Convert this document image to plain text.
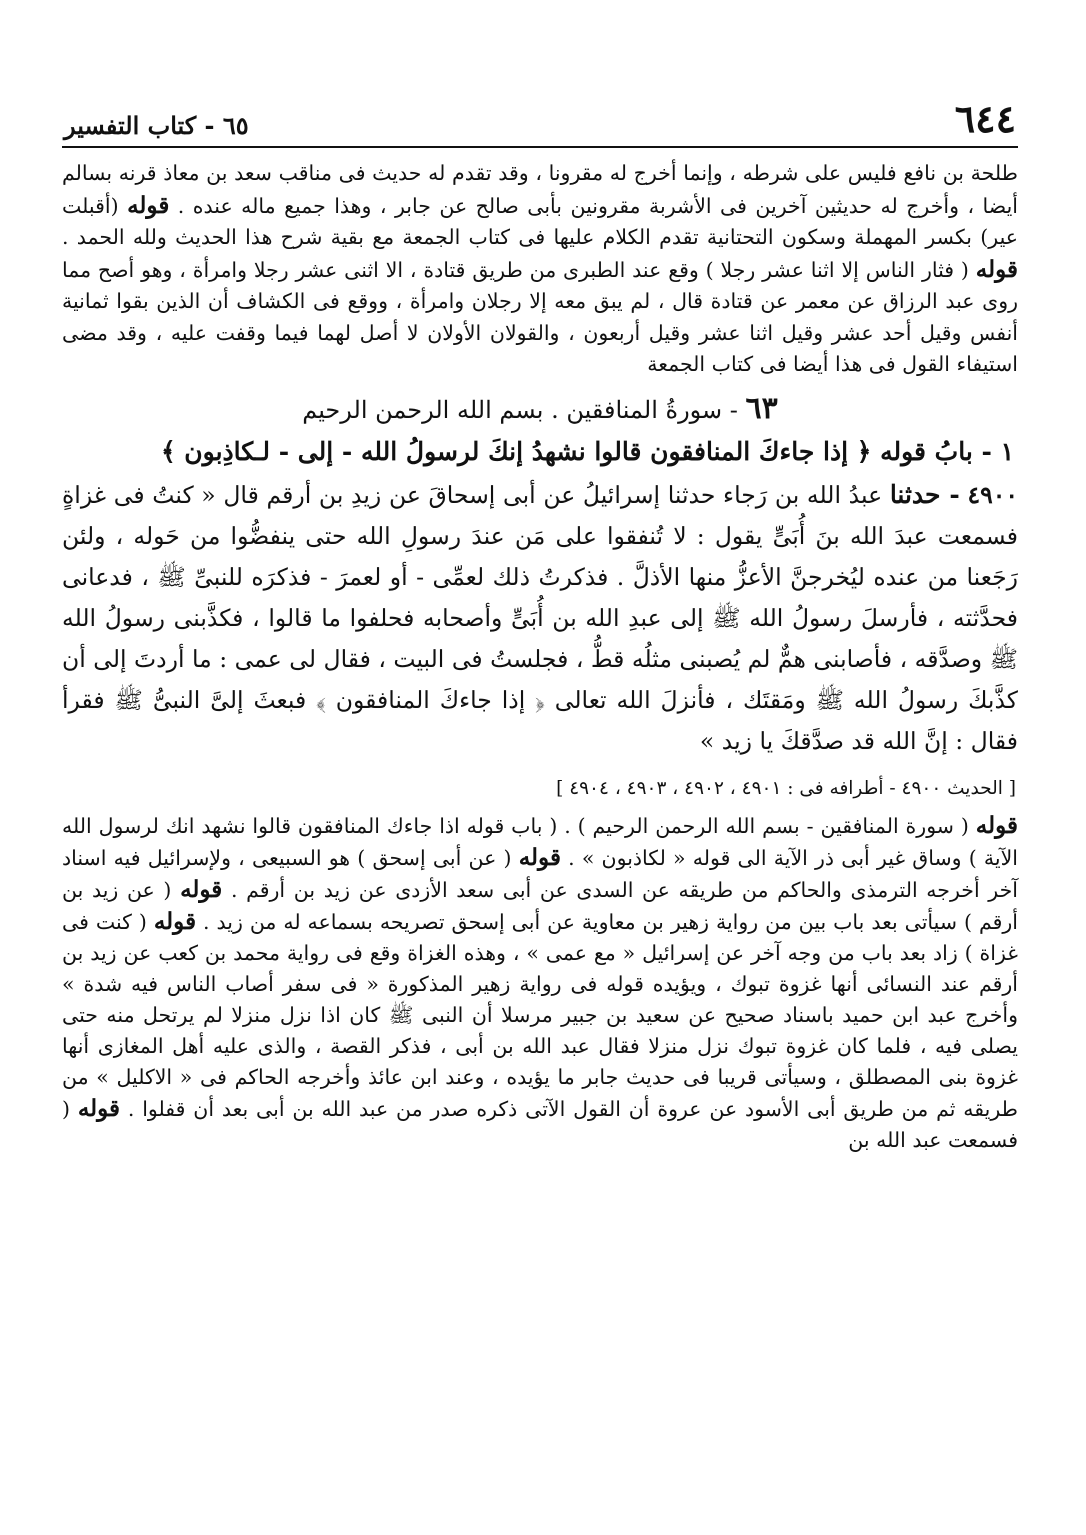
٦٤٤
٦٥ - كتاب التفسير

طلحة بن نافع فليس على شرطه ، وإنما أخرج له مقرونا ، وقد تقدم له حديث فى مناقب سعد بن معاذ قرنه بسالم أيضا ، وأخرج له حديثين آخرين فى الأشربة مقرونين بأبى صالح عن جابر ، وهذا جميع ماله عنده . قوله (أقبلت عير) بكسر المهملة وسكون التحتانية تقدم الكلام عليها فى كتاب الجمعة مع بقية شرح هذا الحديث ولله الحمد . قوله ( فثار الناس إلا اثنا عشر رجلا ) وقع عند الطبرى من طريق قتادة ، الا اثنى عشر رجلا وامرأة ، وهو أصح مما روى عبد الرزاق عن معمر عن قتادة قال ، لم يبق معه إلا رجلان وامرأة ، ووقع فى الكشاف أن الذين بقوا ثمانية أنفس وقيل أحد عشر وقيل اثنا عشر وقيل أربعون ، والقولان الأولان لا أصل لهما فيما وقفت عليه ، وقد مضى استيفاء القول فى هذا أيضا فى كتاب الجمعة

٦٣ - سورةُ المنافقين . بسم الله الرحمن الرحيم
١ - بابُ قوله ﴿ إذا جاءكَ المنافقون قالوا نشهدُ إنكَ لرسولُ الله - إلى - لـكاذِبون ﴾

٤٩٠٠ - حدثنا عبدُ الله بن رَجاء حدثنا إسرائيلُ عن أبى إسحاقَ عن زيدِ بن أرقم قال « كنتُ فى غزاةٍ فسمعت عبدَ الله بنَ أُبَىٍّ يقول : لا تُنفقوا على مَن عندَ رسولِ الله حتى ينفضُّوا من حَوله ، ولئن رَجَعنا من عنده ليُخرجنَّ الأعزُّ منها الأذلَّ . فذكرتُ ذلك لعمِّى - أو لعمرَ - فذكرَه للنبىِّ ﷺ ، فدعانى فحدَّثته ، فأرسلَ رسولُ الله ﷺ إلى عبدِ الله بن أُبَىٍّ وأصحابه فحلفوا ما قالوا ، فكذَّبنى رسولُ الله ﷺ وصدَّقه ، فأصابنى همٌّ لم يُصبنى مثلُه قطُّ ، فجلستُ فى البيت ، فقال لى عمى : ما أردتَ إلى أن كذَّبكَ رسولُ الله ﷺ ومَقتَك ، فأنزلَ الله تعالى ﴿ إذا جاءكَ المنافقون ﴾ فبعثَ إلىَّ النبىُّ ﷺ فقرأ فقال : إنَّ الله قد صدَّقكَ يا زيد »

[ الحديث ٤٩٠٠ - أطرافه فى : ٤٩٠١ ، ٤٩٠٢ ، ٤٩٠٣ ، ٤٩٠٤ ]

قوله ( سورة المنافقين - بسم الله الرحمن الرحيم ) . ( باب قوله اذا جاءك المنافقون قالوا نشهد انك لرسول الله الآية ) وساق غير أبى ذر الآية الى قوله « لكاذبون » . قوله ( عن أبى إسحق ) هو السبيعى ، ولإسرائيل فيه اسناد آخر أخرجه الترمذى والحاكم من طريقه عن السدى عن أبى سعد الأزدى عن زيد بن أرقم . قوله ( عن زيد بن أرقم ) سيأتى بعد باب بين من رواية زهير بن معاوية عن أبى إسحق تصريحه بسماعه له من زيد . قوله ( كنت فى غزاة ) زاد بعد باب من وجه آخر عن إسرائيل « مع عمى » ، وهذه الغزاة وقع فى رواية محمد بن كعب عن زيد بن أرقم عند النسائى أنها غزوة تبوك ، ويؤيده قوله فى رواية زهير المذكورة « فى سفر أصاب الناس فيه شدة » وأخرج عبد ابن حميد باسناد صحيح عن سعيد بن جبير مرسلا أن النبى ﷺ كان اذا نزل منزلا لم يرتحل منه حتى يصلى فيه ، فلما كان غزوة تبوك نزل منزلا فقال عبد الله بن أبى ، فذكر القصة ، والذى عليه أهل المغازى أنها غزوة بنى المصطلق ، وسيأتى قريبا فى حديث جابر ما يؤيده ، وعند ابن عائذ وأخرجه الحاكم فى « الاكليل » من طريقه ثم من طريق أبى الأسود عن عروة أن القول الآتى ذكره صدر من عبد الله بن أبى بعد أن قفلوا . قوله ( فسمعت عبد الله بن
